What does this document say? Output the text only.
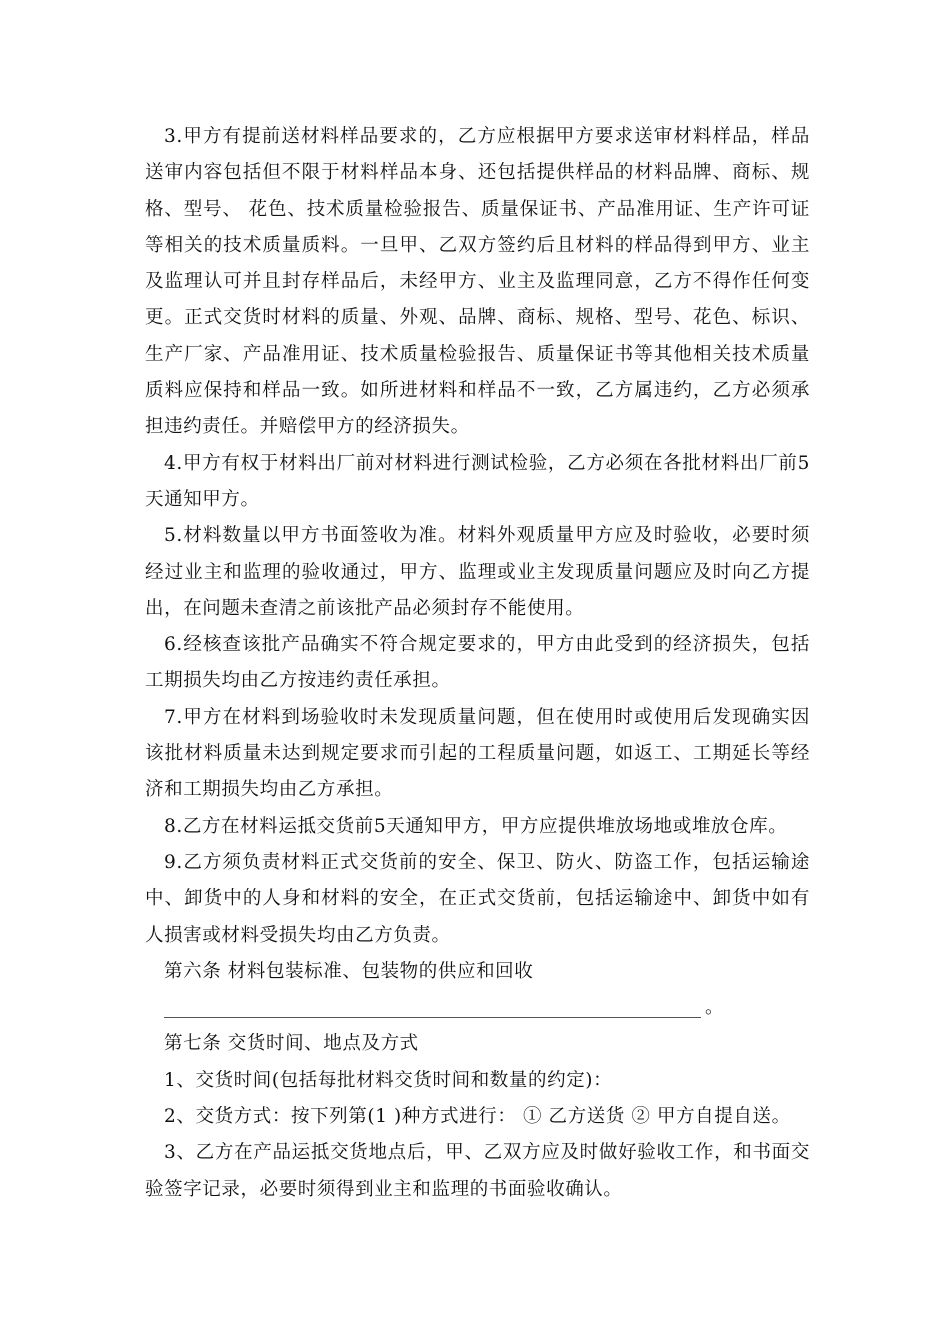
3.甲方有提前送材料样品要求的，乙方应根据甲方要求送审材料样品，样品送审内容包括但不限于材料样品本身、还包括提供样品的材料品牌、商标、规格、型号、 花色、技术质量检验报告、质量保证书、产品准用证、生产许可证等相关的技术质量质料。一旦甲、乙双方签约后且材料的样品得到甲方、业主及监理认可并且封存样品后，未经甲方、业主及监理同意，乙方不得作任何变更。正式交货时材料的质量、外观、品牌、商标、规格、型号、花色、标识、生产厂家、产品准用证、技术质量检验报告、质量保证书等其他相关技术质量质料应保持和样品一致。如所进材料和样品不一致，乙方属违约，乙方必须承担违约责任。并赔偿甲方的经济损失。

4.甲方有权于材料出厂前对材料进行测试检验，乙方必须在各批材料出厂前5天通知甲方。

5.材料数量以甲方书面签收为准。材料外观质量甲方应及时验收，必要时须经过业主和监理的验收通过，甲方、监理或业主发现质量问题应及时向乙方提出，在问题未查清之前该批产品必须封存不能使用。

6.经核查该批产品确实不符合规定要求的，甲方由此受到的经济损失，包括工期损失均由乙方按违约责任承担。

7.甲方在材料到场验收时未发现质量问题，但在使用时或使用后发现确实因该批材料质量未达到规定要求而引起的工程质量问题，如返工、工期延长等经济和工期损失均由乙方承担。

8.乙方在材料运抵交货前5天通知甲方，甲方应提供堆放场地或堆放仓库。

9.乙方须负责材料正式交货前的安全、保卫、防火、防盗工作，包括运输途中、卸货中的人身和材料的安全，在正式交货前，包括运输途中、卸货中如有人损害或材料受损失均由乙方负责。

第六条 材料包装标准、包装物的供应和回收

。

第七条 交货时间、地点及方式

1、交货时间(包括每批材料交货时间和数量的约定)：

2、交货方式：按下列第(1 )种方式进行： ① 乙方送货 ② 甲方自提自送。

3、乙方在产品运抵交货地点后，甲、乙双方应及时做好验收工作，和书面交验签字记录，必要时须得到业主和监理的书面验收确认。
